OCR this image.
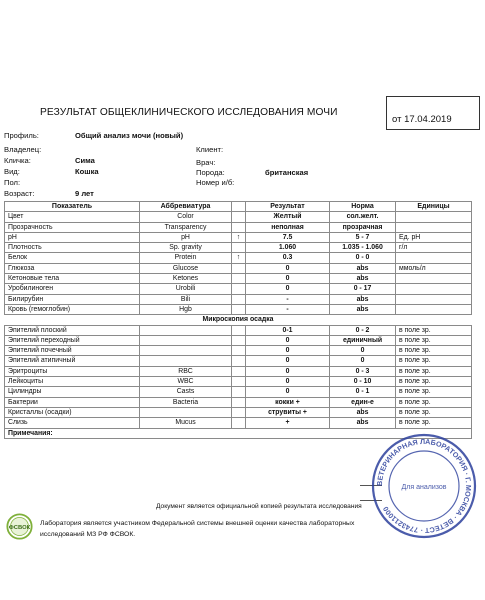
РЕЗУЛЬТАТ ОБЩЕКЛИНИЧЕСКОГО ИССЛЕДОВАНИЯ МОЧИ
от 17.04.2019
Профиль:	Общий анализ мочи (новый)
Владелец:	Клиент:
Кличка:	Сима	Врач:
Вид:	Кошка	Порода:	британская
Пол:	Номер и/б:
Возраст:	9 лет
Показатель	Аббревиатура		Результат	Норма	Единицы
Цвет	Color		Желтый	сол.желт.	
Прозрачность	Transparency		неполная	прозрачная	
pH	pH	↑	7.5	5 - 7	Ед. рН
Плотность	Sp. gravity		1.060	1.035 - 1.060	г/л
Белок	Protein	↑	0.3	0 - 0	
Глюкоза	Glucose		0	abs	ммоль/л
Кетоновые тела	Ketones		0	abs	
Уробилиноген	Urobili		0	0 - 17	
Билирубин	Bili		-	abs	
Кровь (гемоглобин)	Hgb		-	abs	
Микроскопия осадка					
Эпителий плоский			0-1	0 - 2	в поле зр.
Эпителий переходный			0	единичный	в поле зр.
Эпителий почечный			0	0	в поле зр.
Эпителий атипичный			0	0	в поле зр.
Эритроциты	RBC		0	0 - 3	в поле зр.
Лейкоциты	WBC		0	0 - 10	в поле зр.
Цилиндры	Casts		0	0 - 1	в поле зр.
Бактерии	Bacteria		кокки +	един-е	в поле зр.
Кристаллы (осадки)			струвиты +	abs	в поле зр.
Слизь	Mucus		+	abs	в поле зр.
Примечания:					
Документ является официальной копией результата исследования
ФСВОК
Лаборатория является участником Федеральной системы внешней оценки качества лабораторных исследований МЗ РФ ФСВОК.
ВЕТЕРИНАРНАЯ ЛАБОРАТОРИЯ · Г. МОСКВА · ВЕТЕСТ · 7743211000
Для анализов
